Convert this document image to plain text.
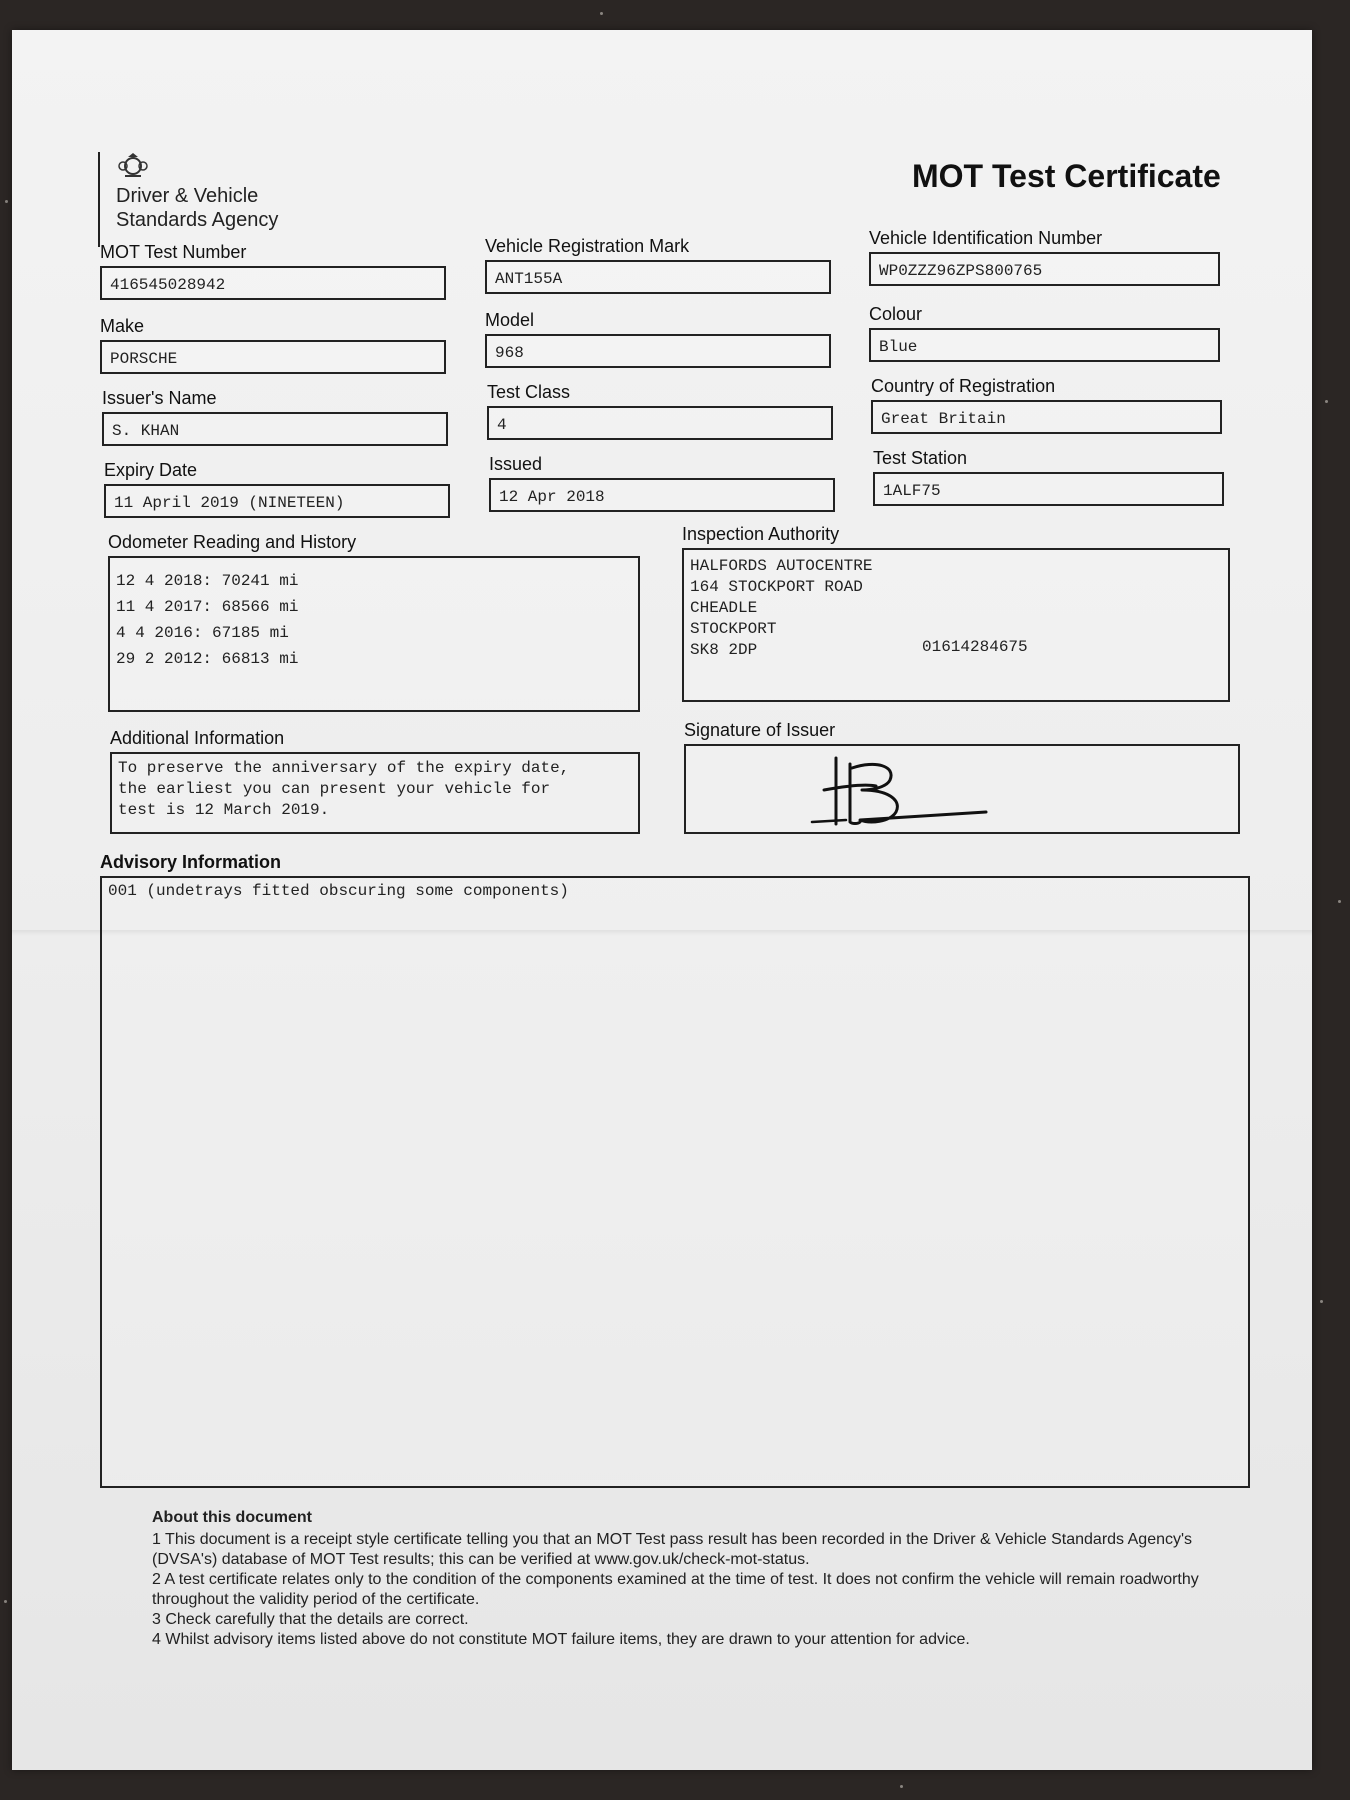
Driver & Vehicle Standards Agency
MOT Test Certificate
MOT Test Number
416545028942
Vehicle Registration Mark
ANT155A
Vehicle Identification Number
WP0ZZZ96ZPS800765
Make
PORSCHE
Model
968
Colour
Blue
Issuer's Name
S. KHAN
Test Class
4
Country of Registration
Great Britain
Expiry Date
11 April 2019 (NINETEEN)
Issued
12 Apr 2018
Test Station
1ALF75
Odometer Reading and History
12 4 2018: 70241 mi
11 4 2017: 68566 mi
4 4 2016: 67185 mi
29 2 2012: 66813 mi
Inspection Authority
HALFORDS AUTOCENTRE
164 STOCKPORT ROAD
CHEADLE
STOCKPORT
SK8 2DP	01614284675
Additional Information
To preserve the anniversary of the expiry date,
the earliest you can present your vehicle for
test is 12 March 2019.
Signature of Issuer
Advisory Information
001 (undetrays fitted obscuring some components)
About this document

1 This document is a receipt style certificate telling you that an MOT Test pass result has been recorded in the Driver & Vehicle Standards Agency's (DVSA's) database of MOT Test results; this can be verified at www.gov.uk/check-mot-status.

2 A test certificate relates only to the condition of the components examined at the time of test. It does not confirm the vehicle will remain roadworthy throughout the validity period of the certificate.

3 Check carefully that the details are correct.

4 Whilst advisory items listed above do not constitute MOT failure items, they are drawn to your attention for advice.
